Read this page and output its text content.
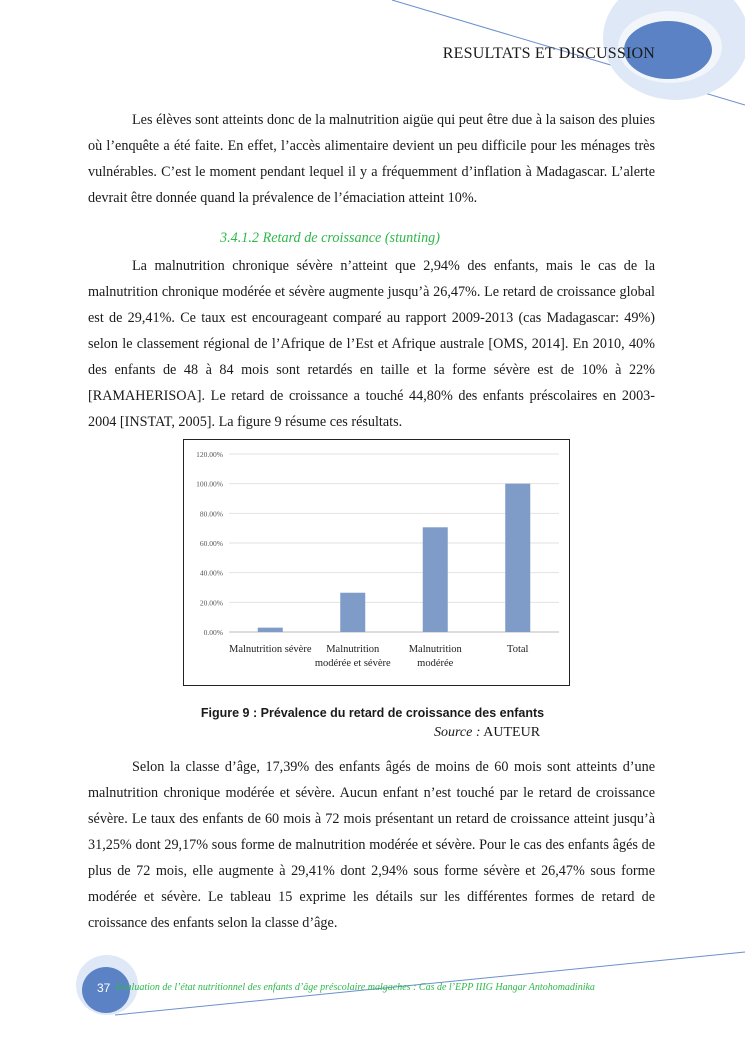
RESULTATS ET DISCUSSION

Les élèves sont atteints donc de la malnutrition aigüe qui peut être due à la saison des pluies où l’enquête a été faite. En effet, l’accès alimentaire devient un peu difficile pour les ménages très vulnérables. C’est le moment pendant lequel il y a fréquemment d’inflation à Madagascar. L’alerte devrait être donnée quand la prévalence de l’émaciation atteint 10%.

3.4.1.2 Retard de croissance (stunting)

La malnutrition chronique sévère n’atteint que 2,94% des enfants, mais le cas de la malnutrition chronique modérée et sévère augmente jusqu’à 26,47%. Le retard de croissance global est de 29,41%. Ce taux est encourageant comparé au rapport 2009-2013 (cas Madagascar: 49%) selon le classement régional de l’Afrique de l’Est et Afrique australe [OMS, 2014]. En 2010, 40% des enfants de 48 à 84 mois sont retardés en taille et la forme sévère est de 10% à 22% [RAMAHERISOA]. Le retard de croissance a touché 44,80% des enfants préscolaires en 2003-2004 [INSTAT, 2005]. La figure 9 résume ces résultats.

0.00%
20.00%
40.00%
60.00%
80.00%
100.00%
120.00%
Malnutrition sévère Malnutrition
modérée et sévère
Malnutrition
modérée
Total
Figure 9 : Prévalence du retard de croissance des enfants
Source : AUTEUR

Selon la classe d’âge, 17,39% des enfants âgés de moins de 60 mois sont atteints d’une malnutrition chronique modérée et sévère. Aucun enfant n’est touché par le retard de croissance sévère. Le taux des enfants de 60 mois à 72 mois présentant un retard de croissance atteint jusqu’à 31,25% dont 29,17% sous forme de malnutrition modérée et sévère. Pour le cas des enfants âgés de plus de 72 mois, elle augmente à 29,41% dont 2,94% sous forme sévère et 26,47% sous forme modérée et sévère. Le tableau 15 exprime les détails sur les différentes formes de retard de croissance des enfants selon la classe d’âge.

37 Evaluation de l’état nutritionnel des enfants d’âge préscolaire malgaches : Cas de l’EPP IIIG Hangar Antohomadinika
